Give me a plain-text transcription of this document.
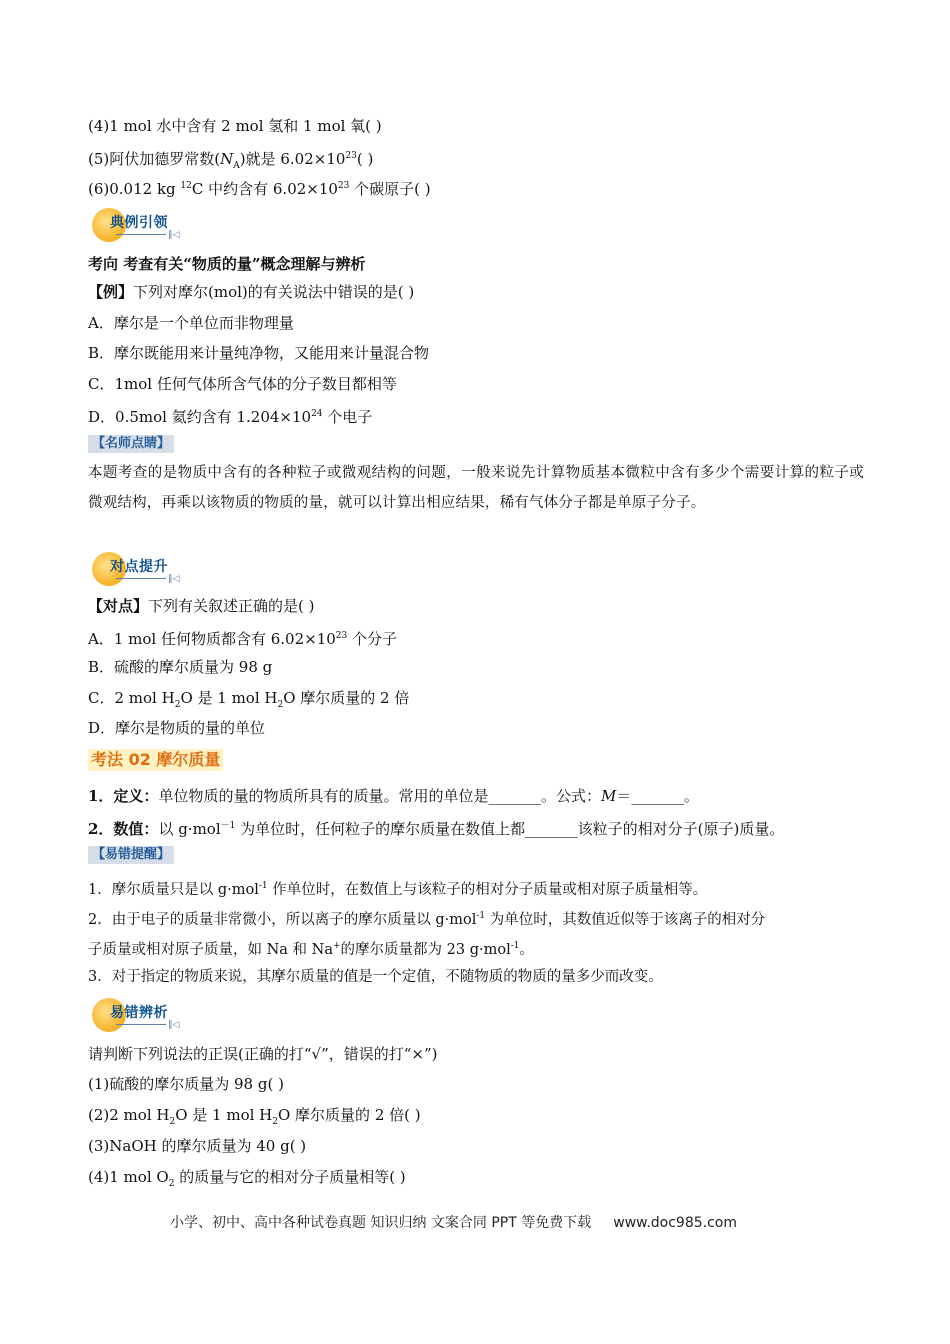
(4)1 mol 水中含有 2 mol 氢和 1 mol 氧( )
(5)阿伏加德罗常数$(N_A)$就是 $6.02\times 10^{23}$( )
(6)0.012 kg $^{12}$C 中约含有 $6.02\times 10^{23}$ 个碳原子( )
典例引领
‖◁
考向 考查有关“物质的量”概念理解与辨析
【例】下列对摩尔(mol)的有关说法中错误的是( )
A．摩尔是一个单位而非物理量
B．摩尔既能用来计量纯净物，又能用来计量混合物
C．1mol 任何气体所含气体的分子数目都相等
D．0.5mol 氦约含有 $1.204\times 10^{24}$ 个电子
【名师点睛】
本题考查的是物质中含有的各种粒子或微观结构的问题，一般来说先计算物质基本微粒中含有多少个需要计算的粒子或微观结构，再乘以该物质的物质的量，就可以计算出相应结果，稀有气体分子都是单原子分子。
对点提升
‖◁
【对点】下列有关叙述正确的是( )
A．1 mol 任何物质都含有 $6.02\times 10^{23}$ 个分子
B．硫酸的摩尔质量为 98 g
C．2 mol $H_2O$ 是 1 mol $H_2O$ 摩尔质量的 2 倍
D．摩尔是物质的量的单位
考法 02 摩尔质量
1．定义：单位物质的量的物质所具有的质量。常用的单位是_______。公式：M＝_______。
2．数值：以 g·mol$^{-1}$ 为单位时，任何粒子的摩尔质量在数值上都_______该粒子的相对分子(原子)质量。
【易错提醒】
1．摩尔质量只是以 g·mol$^{-1}$ 作单位时，在数值上与该粒子的相对分子质量或相对原子质量相等。
2．由于电子的质量非常微小，所以离子的摩尔质量以 g·mol$^{-1}$ 为单位时，其数值近似等于该离子的相对分
子质量或相对原子质量，如 Na 和 Na+的摩尔质量都为 23 g·mol$^{-1}$。
3．对于指定的物质来说，其摩尔质量的值是一个定值，不随物质的物质的量多少而改变。
易错辨析
‖◁
请判断下列说法的正误(正确的打“√”，错误的打“×”)
(1)硫酸的摩尔质量为 98 g( )
(2)2 mol $H_2O$ 是 1 mol $H_2O$ 摩尔质量的 2 倍( )
(3)NaOH 的摩尔质量为 40 g( )
(4)1 mol $O_2$ 的质量与它的相对分子质量相等( )
小学、初中、高中各种试卷真题 知识归纳 文案合同 PPT 等免费下载 www.doc985.com
